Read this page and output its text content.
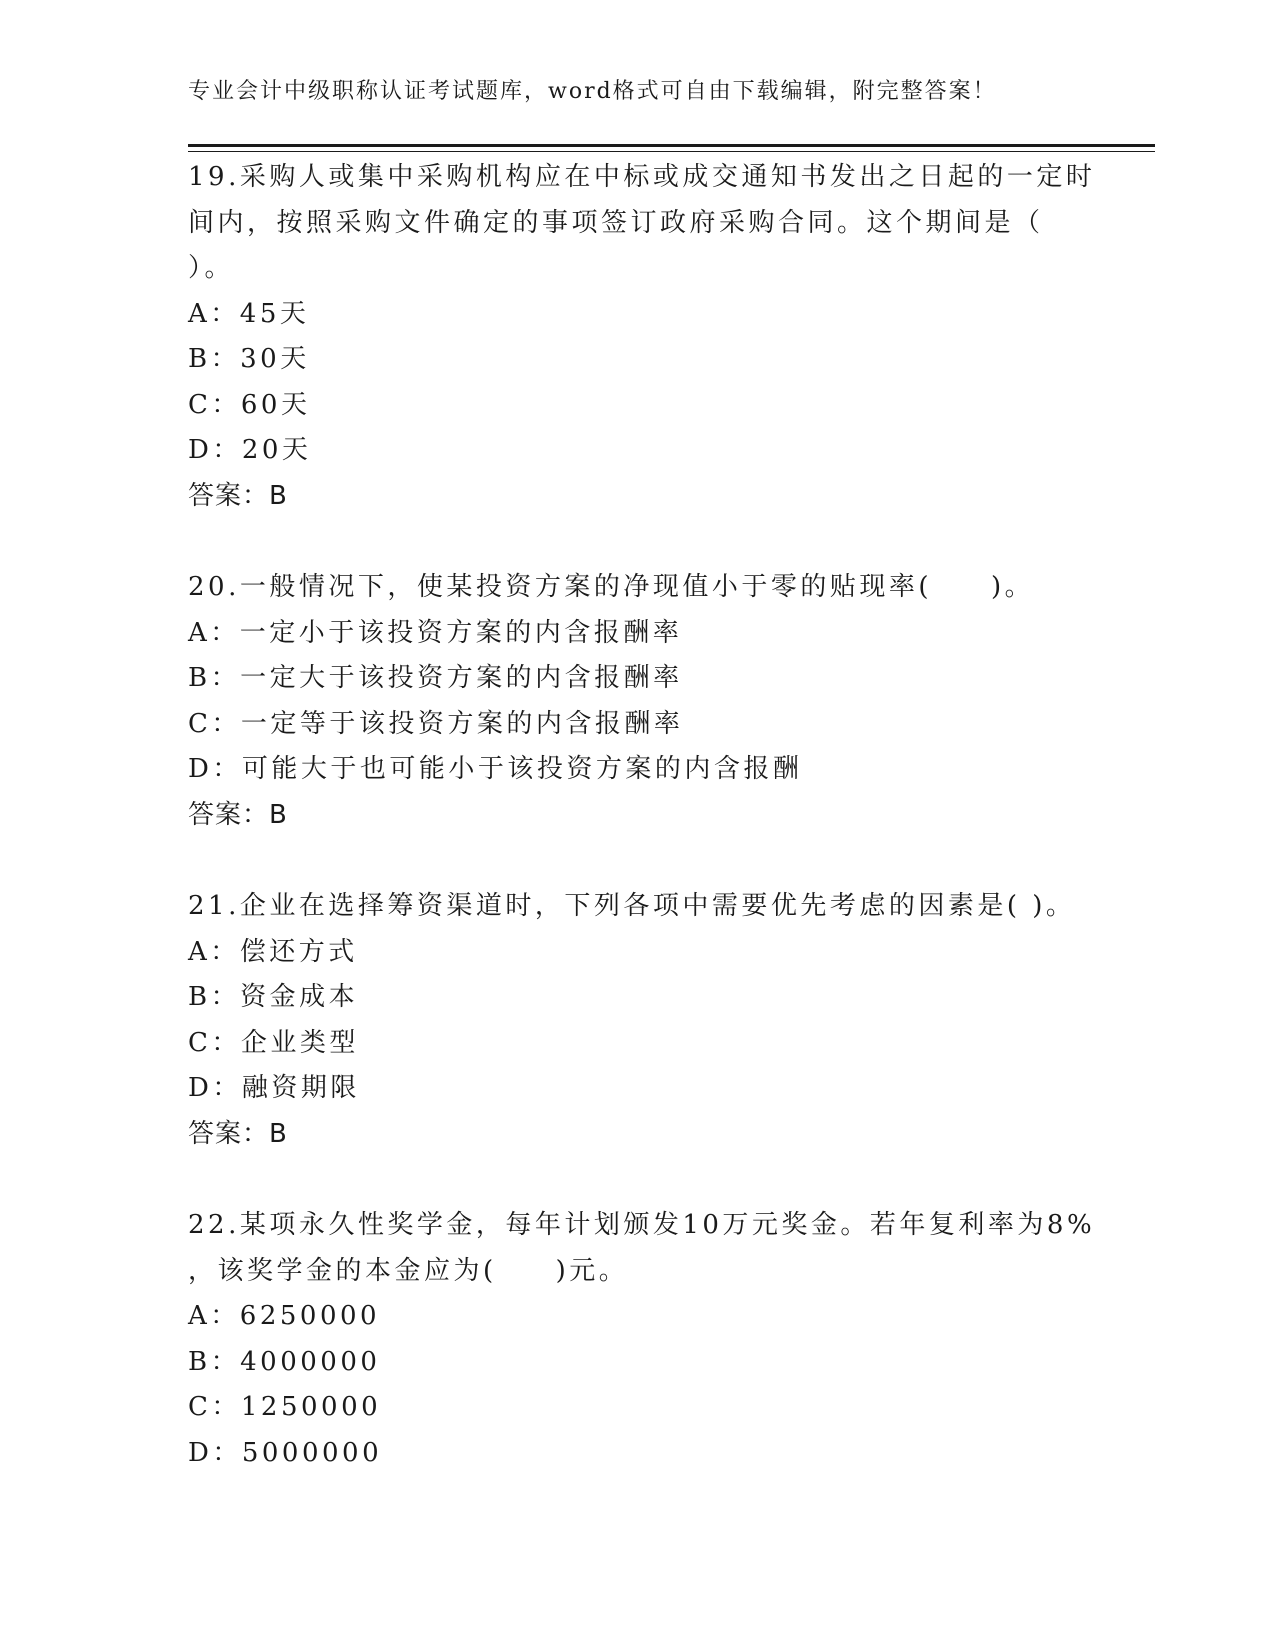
专业会计中级职称认证考试题库，word格式可自由下载编辑，附完整答案！
19.采购人或集中采购机构应在中标或成交通知书发出之日起的一定时
间内，按照采购文件确定的事项签订政府采购合同。这个期间是（
）。
A：45天
B：30天
C：60天
D：20天
答案：B
20.一般情况下，使某投资方案的净现值小于零的贴现率(　　)。
A：一定小于该投资方案的内含报酬率
B：一定大于该投资方案的内含报酬率
C：一定等于该投资方案的内含报酬率
D：可能大于也可能小于该投资方案的内含报酬
答案：B
21.企业在选择筹资渠道时，下列各项中需要优先考虑的因素是( )。
A：偿还方式
B：资金成本
C：企业类型
D：融资期限
答案：B
22.某项永久性奖学金，每年计划颁发10万元奖金。若年复利率为8%
，该奖学金的本金应为(　　)元。
A：6250000
B：4000000
C：1250000
D：5000000
